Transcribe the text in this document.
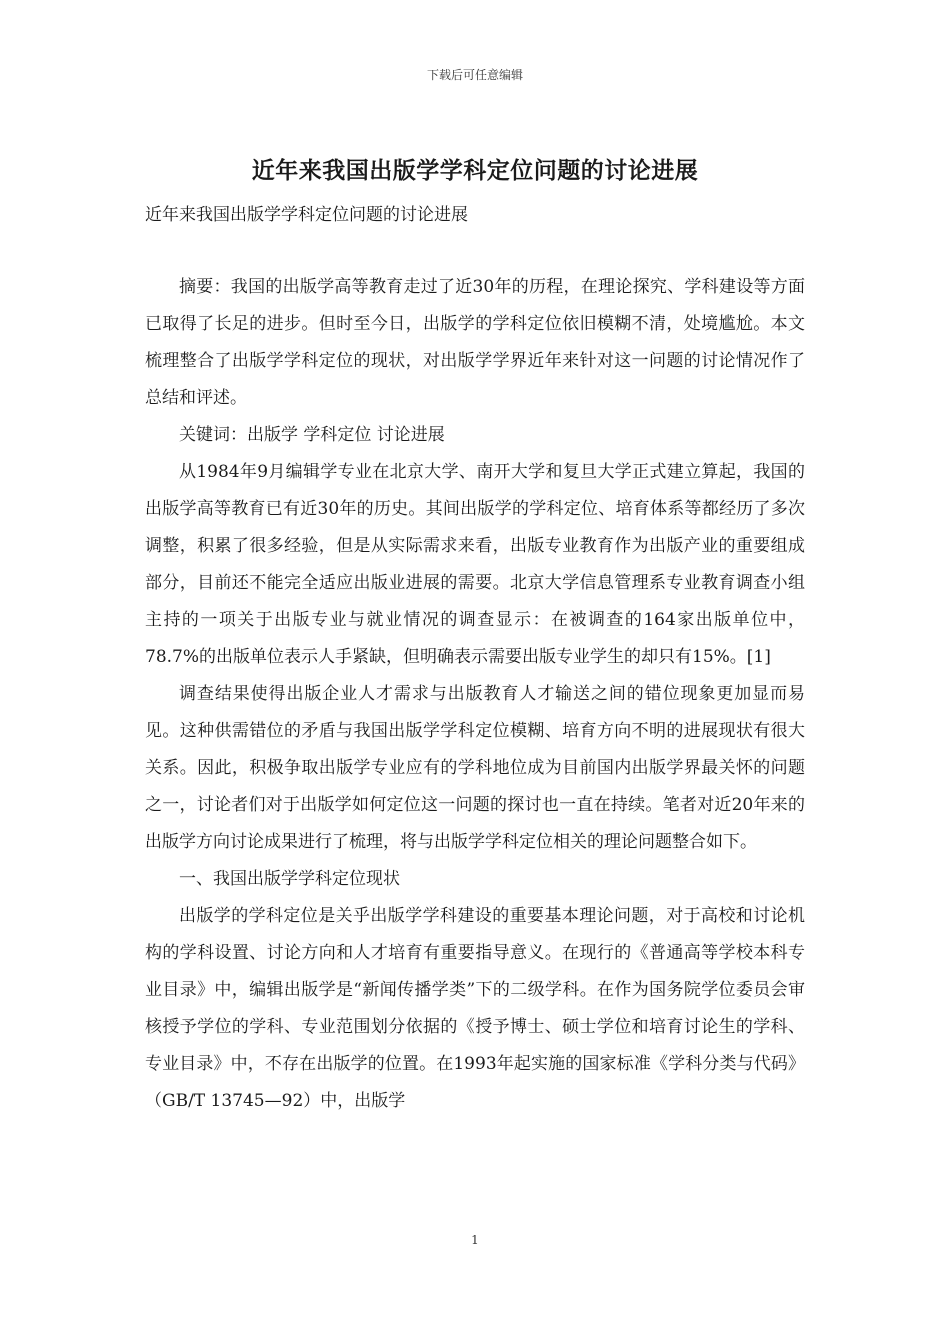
下载后可任意编辑
近年来我国出版学学科定位问题的讨论进展
近年来我国出版学学科定位问题的讨论进展

摘要：我国的出版学高等教育走过了近30年的历程，在理论探究、学科建设等方面已取得了长足的进步。但时至今日，出版学的学科定位依旧模糊不清，处境尴尬。本文梳理整合了出版学学科定位的现状，对出版学学界近年来针对这一问题的讨论情况作了总结和评述。

关键词：出版学 学科定位 讨论进展

从1984年9月编辑学专业在北京大学、南开大学和复旦大学正式建立算起，我国的出版学高等教育已有近30年的历史。其间出版学的学科定位、培育体系等都经历了多次调整，积累了很多经验，但是从实际需求来看，出版专业教育作为出版产业的重要组成部分，目前还不能完全适应出版业进展的需要。北京大学信息管理系专业教育调查小组主持的一项关于出版专业与就业情况的调查显示：在被调查的164家出版单位中，78.7%的出版单位表示人手紧缺，但明确表示需要出版专业学生的却只有15%。[1]

调查结果使得出版企业人才需求与出版教育人才输送之间的错位现象更加显而易见。这种供需错位的矛盾与我国出版学学科定位模糊、培育方向不明的进展现状有很大关系。因此，积极争取出版学专业应有的学科地位成为目前国内出版学界最关怀的问题之一，讨论者们对于出版学如何定位这一问题的探讨也一直在持续。笔者对近20年来的出版学方向讨论成果进行了梳理，将与出版学学科定位相关的理论问题整合如下。

一、我国出版学学科定位现状

出版学的学科定位是关乎出版学学科建设的重要基本理论问题，对于高校和讨论机构的学科设置、讨论方向和人才培育有重要指导意义。在现行的《普通高等学校本科专业目录》中，编辑出版学是“新闻传播学类”下的二级学科。在作为国务院学位委员会审核授予学位的学科、专业范围划分依据的《授予博士、硕士学位和培育讨论生的学科、专业目录》中，不存在出版学的位置。在1993年起实施的国家标准《学科分类与代码》（GB/T 13745—92）中，出版学

1
